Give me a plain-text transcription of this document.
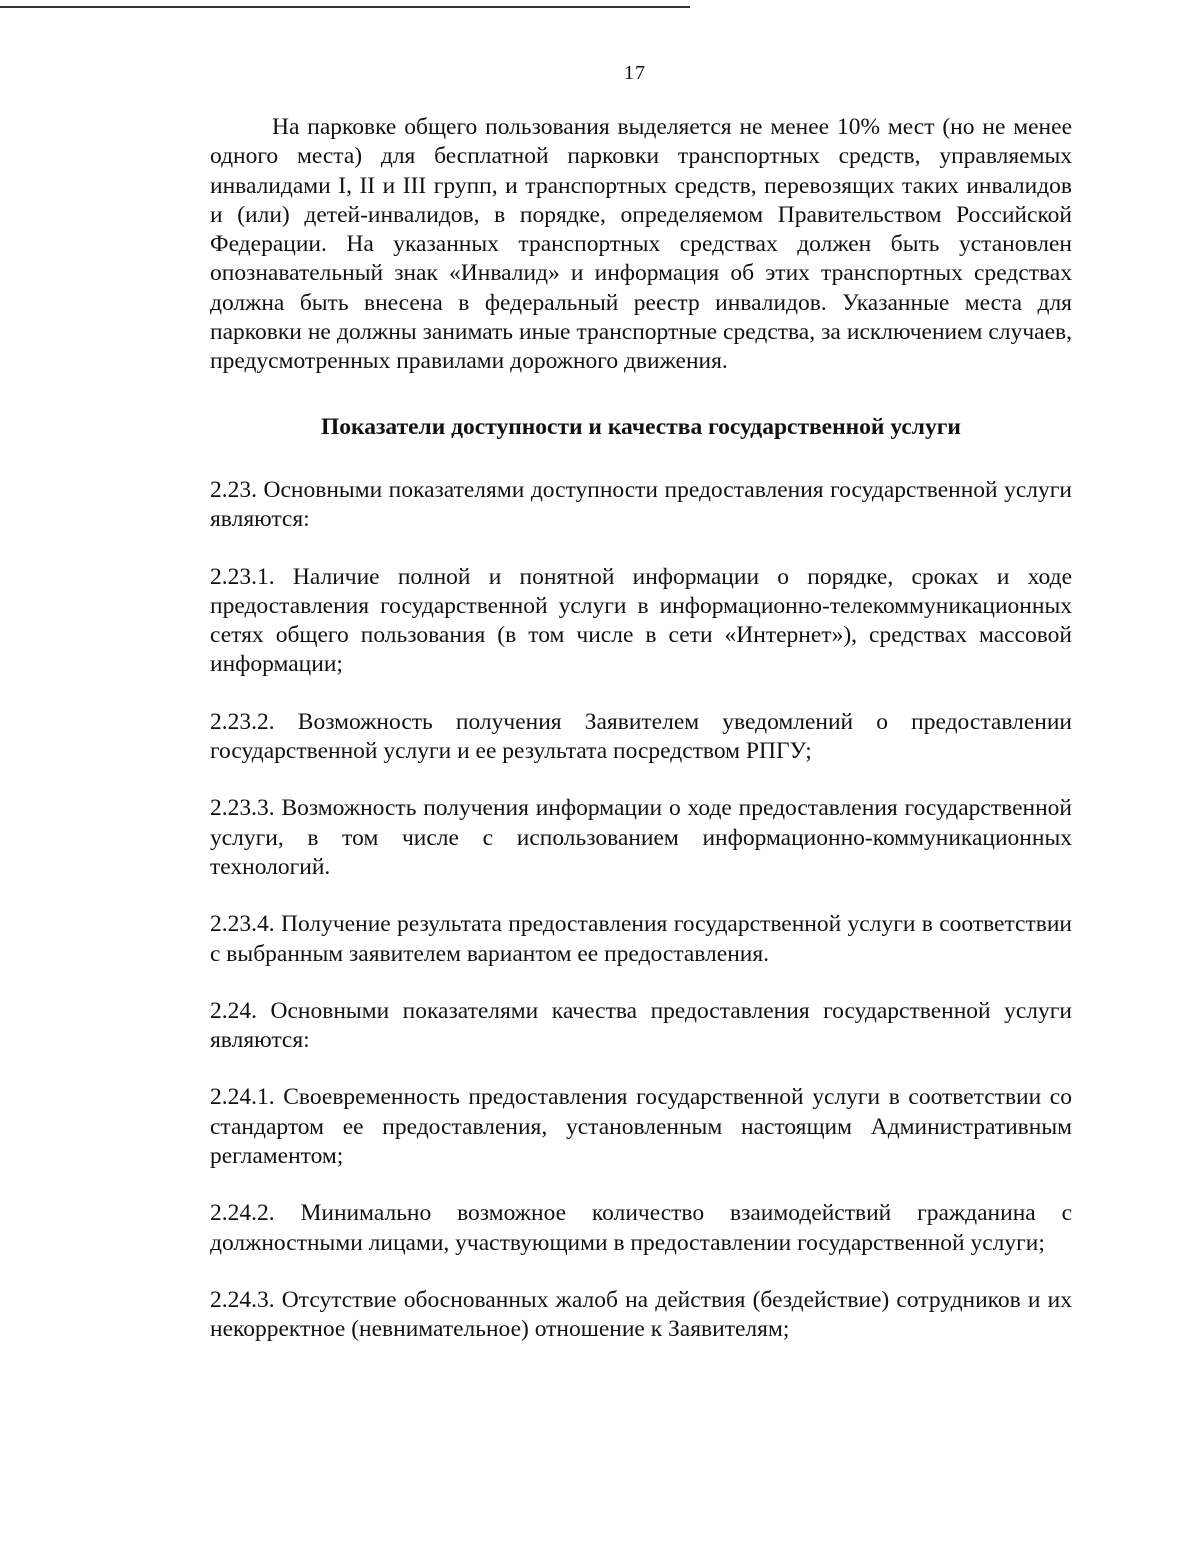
17

На парковке общего пользования выделяется не менее 10% мест (но не менее одного места) для бесплатной парковки транспортных средств, управляемых инвалидами I, II и III групп, и транспортных средств, перевозящих таких инвалидов и (или) детей-инвалидов, в порядке, определяемом Правительством Российской Федерации. На указанных транспортных средствах должен быть установлен опознавательный знак «Инвалид» и информация об этих транспортных средствах должна быть внесена в федеральный реестр инвалидов. Указанные места для парковки не должны занимать иные транспортные средства, за исключением случаев, предусмотренных правилами дорожного движения.

Показатели доступности и качества государственной услуги

2.23. Основными показателями доступности предоставления государственной услуги являются:

2.23.1. Наличие полной и понятной информации о порядке, сроках и ходе предоставления государственной услуги в информационно-телекоммуникационных сетях общего пользования (в том числе в сети «Интернет»), средствах массовой информации;

2.23.2. Возможность получения Заявителем уведомлений о предоставлении государственной услуги и ее результата посредством РПГУ;

2.23.3. Возможность получения информации о ходе предоставления государственной услуги, в том числе с использованием информационно-коммуникационных технологий.

2.23.4. Получение результата предоставления государственной услуги в соответствии с выбранным заявителем вариантом ее предоставления.

2.24. Основными показателями качества предоставления государственной услуги являются:

2.24.1. Своевременность предоставления государственной услуги в соответствии со стандартом ее предоставления, установленным настоящим Административным регламентом;

2.24.2. Минимально возможное количество взаимодействий гражданина с должностными лицами, участвующими в предоставлении государственной услуги;

2.24.3. Отсутствие обоснованных жалоб на действия (бездействие) сотрудников и их некорректное (невнимательное) отношение к Заявителям;
